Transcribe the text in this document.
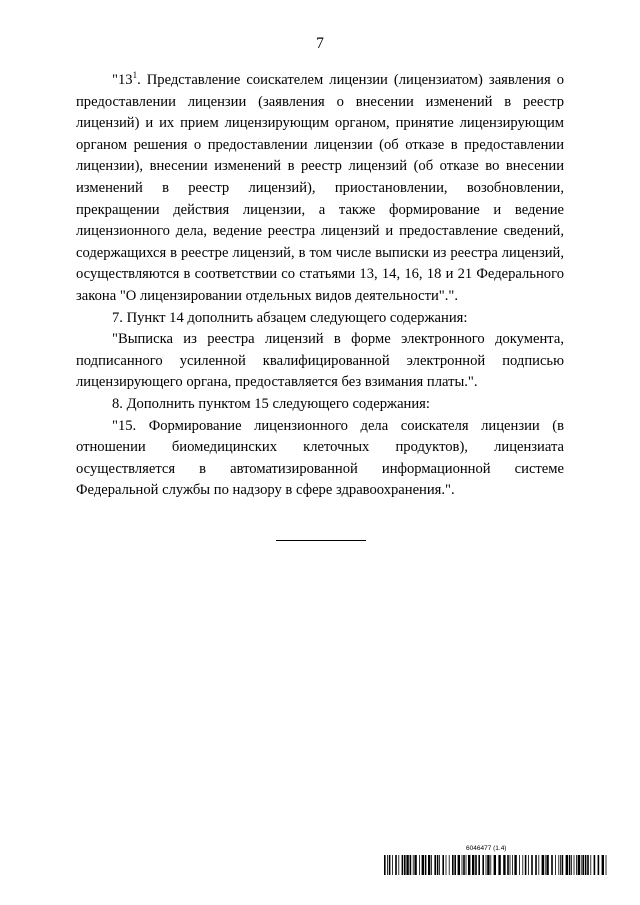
7

"$13^1$. Представление соискателем лицензии (лицензиатом) заявления о предоставлении лицензии (заявления о внесении изменений в реестр лицензий) и их прием лицензирующим органом, принятие лицензирующим органом решения о предоставлении лицензии (об отказе в предоставлении лицензии), внесении изменений в реестр лицензий (об отказе во внесении изменений в реестр лицензий), приостановлении, возобновлении, прекращении действия лицензии, а также формирование и ведение лицензионного дела, ведение реестра лицензий и предоставление сведений, содержащихся в реестре лицензий, в том числе выписки из реестра лицензий, осуществляются в соответствии со статьями 13, 14, 16, 18 и 21 Федерального закона "О лицензировании отдельных видов деятельности".".

7. Пункт 14 дополнить абзацем следующего содержания:

"Выписка из реестра лицензий в форме электронного документа, подписанного усиленной квалифицированной электронной подписью лицензирующего органа, предоставляется без взимания платы.".

8. Дополнить пунктом 15 следующего содержания:

"15. Формирование лицензионного дела соискателя лицензии (в отношении биомедицинских клеточных продуктов), лицензиата осуществляется в автоматизированной информационной системе Федеральной службы по надзору в сфере здравоохранения.".

6046477 (1.4)
